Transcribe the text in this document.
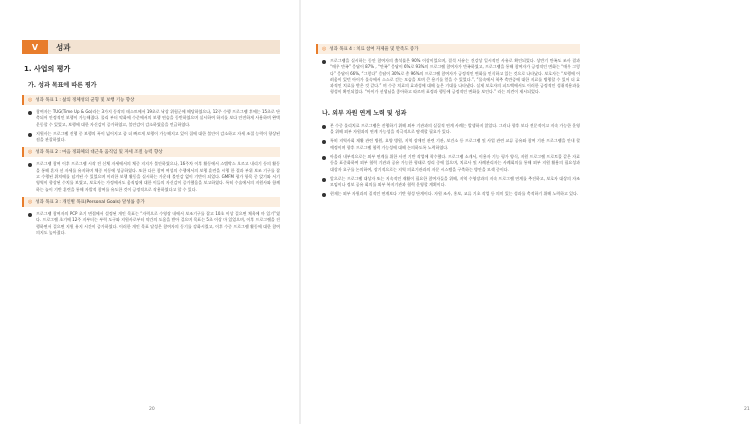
V	성과
1. 사업의 평가
가. 성과 목표에 따른 평가
◎ 성과 목표 1 : 삶의 정체성의 균형 및 보행 기능 향상
참여자는 TUG(Time Up & Go)라는 3가지 동작의 테스트에서 19초로 낙상 위험군에 해당하였으나, 12주 수행 프로그램 후에는 15초로 단축되어 안정적인 보행이 가능해졌다. 물리 부터 악화에 수준에서의 보행 연습을 동반하였으며 실시하여 하지를 보다 안전하게 사용하며 완벽 운동할 수 있었고, 보행에 대한 자신감이 증가하였고, 불안감이 감소하였음을 언급하였다.
지원사는 프로그램 진행 중 보행의 폭이 넓어지고 좀 더 빠르게 보행이 가능해지고 있어 집에 대한 불안이 감소하고 자세 조절 능력이 향상된 점을 관찰하였다.
◎ 성과 목표 2 : 마음 정화체의 대근육 움직임 및 자세 조절 능력 향상
프로그램 참여 이후 프로그램 시작 전 신체 자세에서의 체중 지지가 불안하였으나, 16주차 이후 활동에서 스탭박스 오르고 내리기 등의 활동을 통해 혼자 선 자세를 유지하며 체중 이동에 성공하였다. 또한 다른 참여 여성의 수행에서의 보행 훈련을 시행 한 결과 부위 보조 기구를 잡고 수행된 위치에를 넘겨된 수 있었으며 이러한 보행 활동을 실시하는 가운데 불안감 없이 기반이 되었다. GMFM 평가 항목 중 앉기와 서기 영역이 향상된 수치를 보였고, 보호자는 가정에서도 움직임에 대한 이들의 자신감이 증가했음을 보고하였다. 특히 수술에서의 지원사와 함께하는 놀이 기반 훈련을 통해 자발적 참여를 유도한 것이 긍정적으로 작용하였다고 할 수 있다.
◎ 성과 목표 3 : 개인별 목표(Personal Goals) 달성률 증가
프로그램 참여자의 PCP 초기 면접에서 설정된 개인 목표는 “자력으로 수영장 내에서 보조기구를 잡고 10초 이상 걸으면 체육에 마 있기”였다. 프로그램 초기에 12주 지부터는 부력 도구와 지원사로부터 약간의 도움을 받아 걸으며 목표는 5초 이상 마 있었으며, 이후 프로그램을 진행하면서 걸으면 지원 유지 시간이 증가하였다. 이러한 개인 목표 달성은 참여자의 동기를 강화시켰고, 이후 수중 프로그램 활동에 대한 참여 의지도 높아졌다.
20
◎ 성과 목표 4 : 치료 참여 자제율 및 만족도 증가
프로그램을 실시하는 동안 참여자의 출석률은 90% 이상이었으며, 결석 사유는 건강상 일시적인 사유로 확인되었다. 상반기 만족도 조사 결과 “매우 만족” 응답이 87% , “만족” 응답이 6%로 93%의 프로그램 참여자가 만족하였고, 프로그램을 통해 참여자가 긍정적인 변화는 “매우 그렇다” 응답이 66%, “그렇다” 응답이 30%로 총 96%의 프로그램 참여자가 긍정적인 변화를 인식하고 있는 것으로 나타났다. 보호자는 “보행에 어려움이 있던 아이가 물속에서 스스로 걷는 모습을 보며 큰 용기를 얻을 수 있었다.”, “물속에서 척추 측만증에 대한 지료를 병행할 수 있어 더 효과적인 치료를 받은 것 같다.” 며 수중 치료의 효과성에 대해 높은 기대를 나타냈다. 실제 보호자의 피드백에서도 이러한 긍정적인 성취적용과를 형성이 확인되었다. “아이가 선생님을 좋아하고 따르며 표정과 행동에 긍정적인 변화를 보인다.” 라는 의견이 제시되었다.
나. 외부 자원 연계 노력 및 성과
본 수중 물리치료 프로그램은 진행하기 위해 외부 기관과의 실질적 연계 사례는 발생하지 않았다. 그러나 향후 보다 전문적이고 지속 가능한 운영을 위해 외부 자원과의 연계 가능성을 적극적으로 탐색할 필요가 있다.
특히 지역사회 재활 관련 병원, 요양 병원, 지역 장애인 관련 기관, 보건소 등 프로그램 및 사업 관련 교류 공유와 참여 기관 프로그램을 안내 할 예정이며 향후 프로그램 협력 가능성에 대해 논의하도록 노력하였다.
아울러 내부적으로는 외부 연계를 위한 사전 기반 작업에 착수했다. 프로그램 소개서, 이용자 기능 평가 양식, 지원 프로그램 프로토콜 같은 자료 등을 표준화하여 외부 협력 기관과 공유 가능한 형태로 정리 중에 있으며, 치료사 및 사례관리자는 사례회의를 통해 외부 지원 활용의 필요성과 대상자 요구를 논의하여, 장기적으로는 지역 의료기관과의 자문 시스템을 구축하는 방안을 모색 중이다.
앞으로는 프로그램 대상자 또는 지속적인 재활이 필요한 참여자들을 위해, 지역 수영장과의 지속 프로그램 연계를 추진하고, 보호자 대상의 자조 모임이나 정보 공유 회의를 외부 복지기관과 협력 운영할 계획이다.
현재는 외부 자원과의 질적인 연계보다 기반 형성 단계이다. 자원 조사, 홍보, 교류 기초 작업 등 의미 있는 성과를 축적하기 위해 노력하고 있다.
21
